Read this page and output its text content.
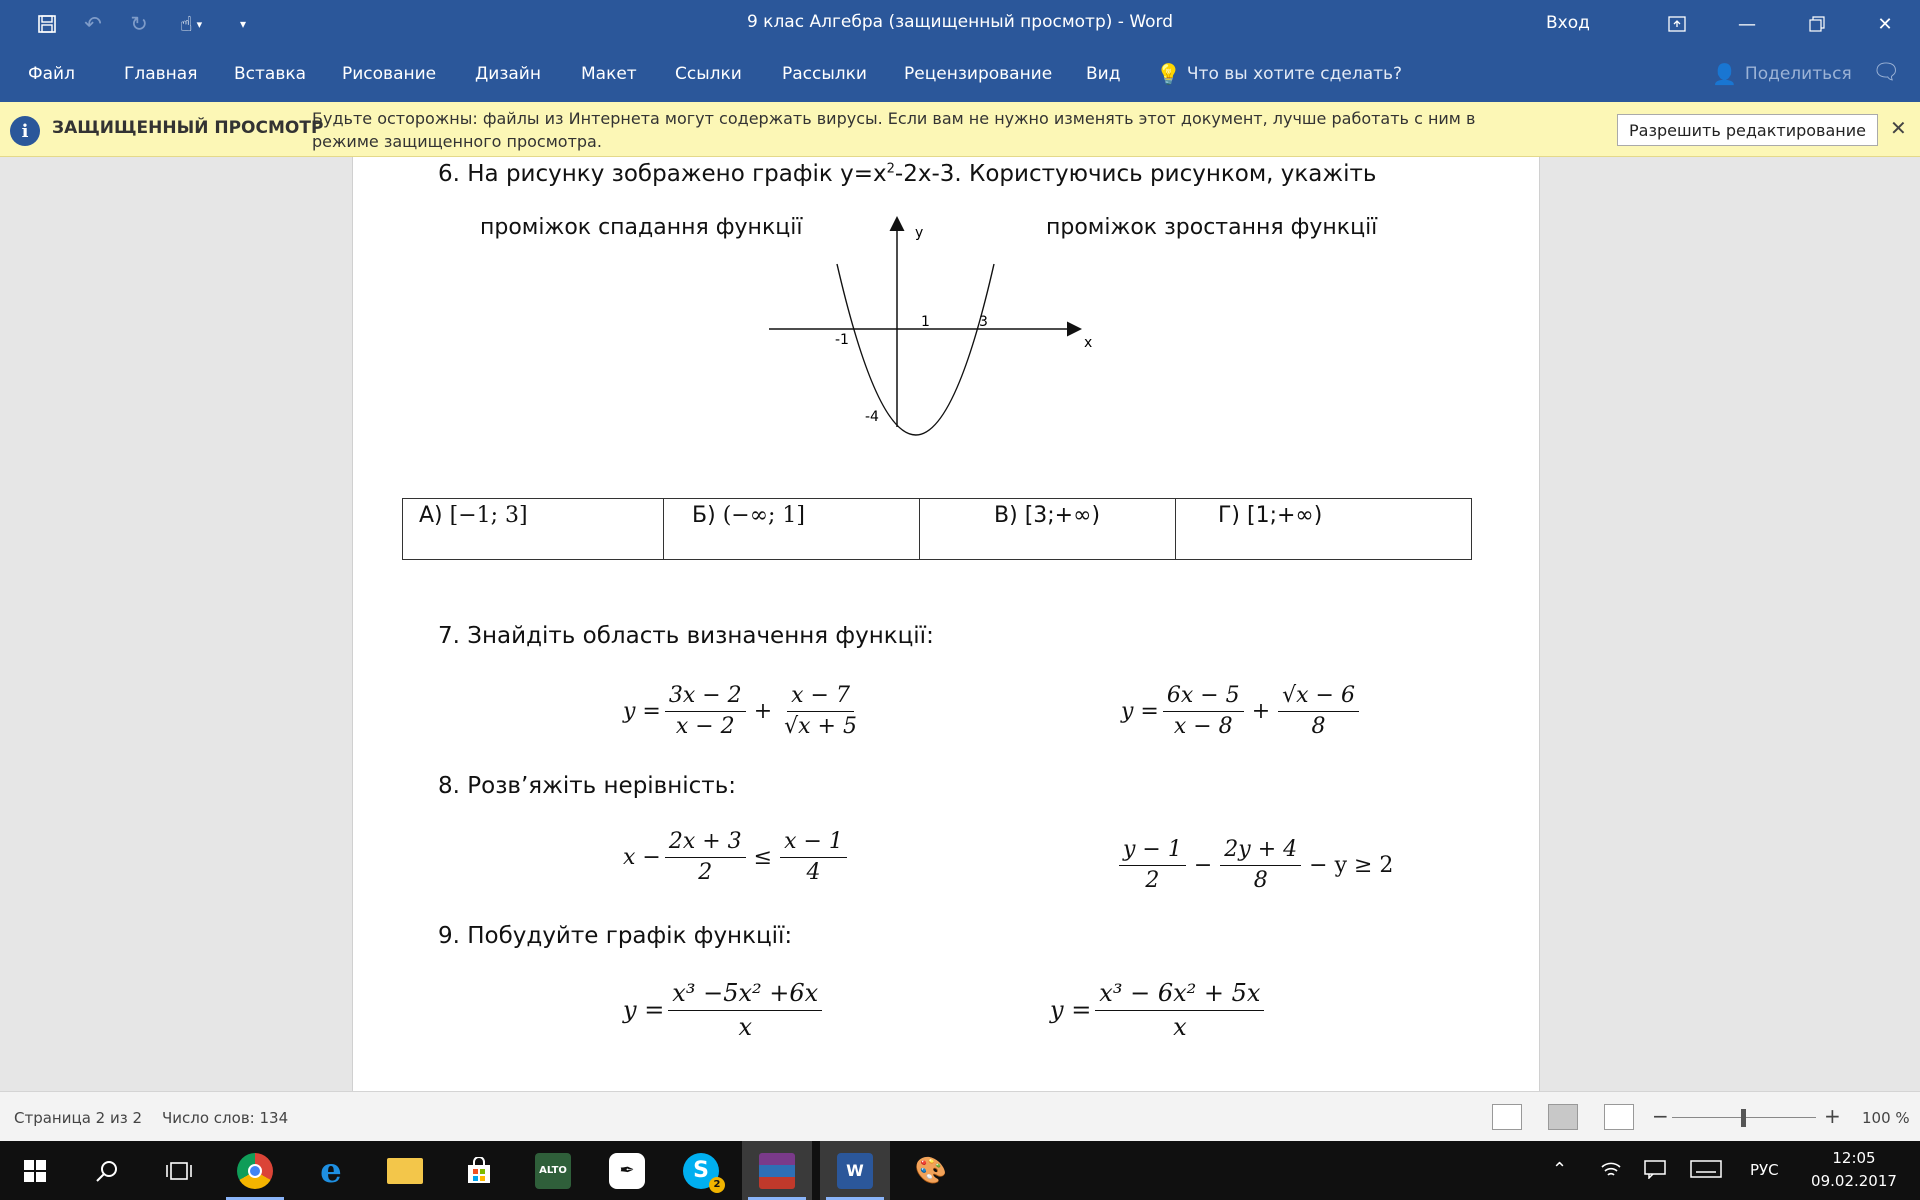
↶	↻	☝ ▾	▾	9 клас Алгебра (защищенный просмотр) - Word	Вход	—	✕
Файл	Главная Вставка Рисование Дизайн Макет Ссылки Рассылки Рецензирование Вид 💡 Что вы хотите сделать?	👤 Поделиться 🗨
i	ЗАЩИЩЕННЫЙ ПРОСМОТР
Будьте осторожны: файлы из Интернета могут содержать вирусы. Если вам не нужно изменять этот документ, лучше работать с ним в режиме защищенного просмотра.
Разрешить редактирование	✕
6. На рисунку зображено графік $y=x^2-2x-3$. Користуючись рисунком, укажіть
проміжок спадання функції	проміжок зростання функції
y
x
-1
1	3
-4
А) [−1; 3]	Б) (−∞; 1]	В) [3;+∞)	Г) [1;+∞)
7. Знайдіть область визначення функції:
$y = \frac{3x - 2}{x - 2} + \frac{x - 7}{√x + 5}$	$y = \frac{6x - 5}{x - 8} + \frac{√x - 6}{8}$
8. Розв’яжіть нерівність:
$x - \frac{2x + 3}{2} \le \frac{x - 1}{4}$	$\frac{y - 1}{2} - \frac{2y + 4}{8} - y \ge 2$
9. Побудуйте графік функції:
$y = \frac{\text{x³ −5x² +6x}}{x}$	$y = \frac{\text{x³ − 6x² + 5x}}{x}$
Страница 2 из 2 Число слов: 134	−	+ 100 %
e	ALTO	✒	S
2
W	🎨	⌃	РУС
12:05
09.02.2017
